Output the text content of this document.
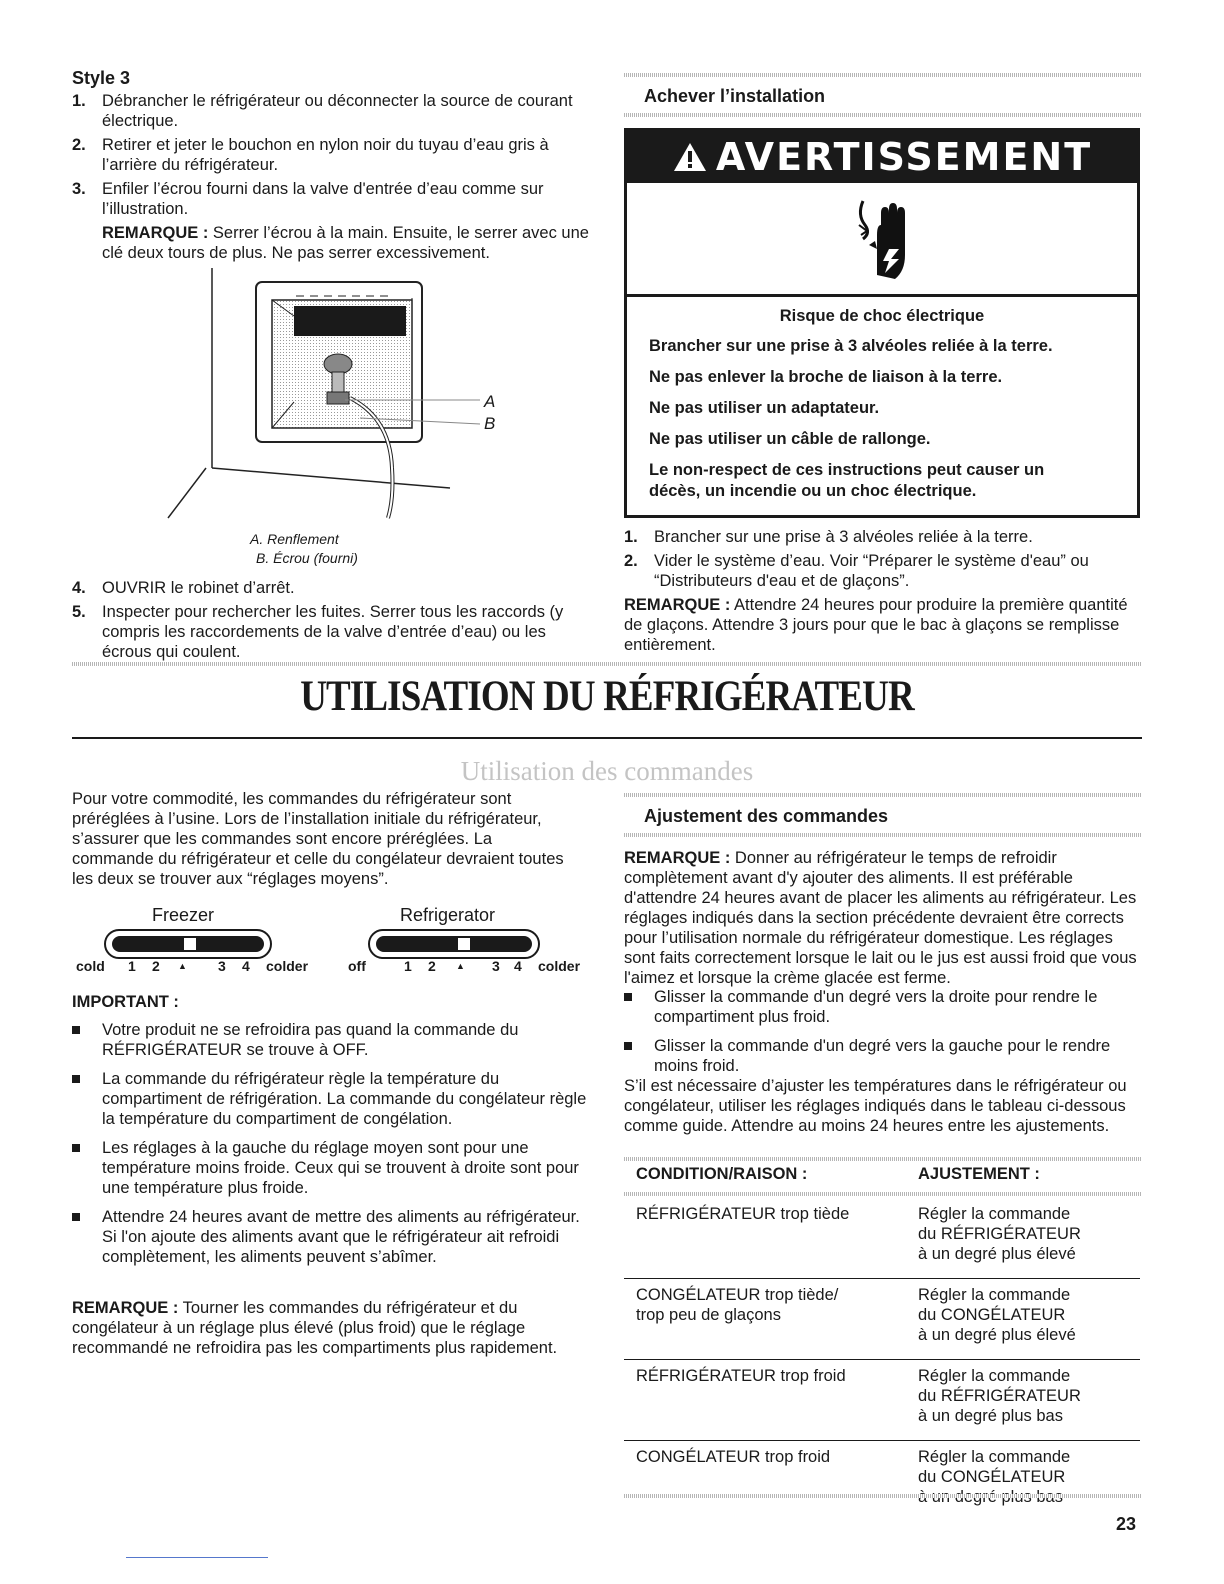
Style 3
1. Débrancher le réfrigérateur ou déconnecter la source de courant électrique.
2. Retirer et jeter le bouchon en nylon noir du tuyau d’eau gris à l’arrière du réfrigérateur.
3. Enfiler l’écrou fourni dans la valve d'entrée d’eau comme sur l’illustration.

REMARQUE : Serrer l’écrou à la main. Ensuite, le serrer avec une clé deux tours de plus. Ne pas serrer excessivement.

A
B
A. Renflement
B. Écrou (fourni)
4. OUVRIR le robinet d’arrêt.
5. Inspecter pour rechercher les fuites. Serrer tous les raccords (y compris les raccordements de la valve d’entrée d’eau) ou les écrous qui coulent.
Achever l’installation
AVERTISSEMENT
Risque de choc électrique

Brancher sur une prise à 3 alvéoles reliée à la terre.

Ne pas enlever la broche de liaison à la terre.

Ne pas utiliser un adaptateur.

Ne pas utiliser un câble de rallonge.

Le non-respect de ces instructions peut causer un décès, un incendie ou un choc électrique.

1. Brancher sur une prise à 3 alvéoles reliée à la terre.
2. Vider le système d’eau. Voir “Préparer le système d'eau” ou “Distributeurs d'eau et de glaçons”.

REMARQUE : Attendre 24 heures pour produire la première quantité de glaçons. Attendre 3 jours pour que le bac à glaçons se remplisse entièrement.

UTILISATION DU RÉFRIGÉRATEUR
Utilisation des commandes
Pour votre commodité, les commandes du réfrigérateur sont préréglées à l’usine. Lors de l’installation initiale du réfrigérateur, s’assurer que les commandes sont encore préréglées. La commande du réfrigérateur et celle du congélateur devraient toutes les deux se trouver aux “réglages moyens”.
Freezer	Refrigerator
cold 1 2 ▲ 3 4 colder	off	1 2 ▲ 3 4 colder
IMPORTANT :
Votre produit ne se refroidira pas quand la commande du RÉFRIGÉRATEUR se trouve à OFF.
La commande du réfrigérateur règle la température du compartiment de réfrigération. La commande du congélateur règle la température du compartiment de congélation.
Les réglages à la gauche du réglage moyen sont pour une température moins froide. Ceux qui se trouvent à droite sont pour une température plus froide.
Attendre 24 heures avant de mettre des aliments au réfrigérateur. Si l'on ajoute des aliments avant que le réfrigérateur ait refroidi complètement, les aliments peuvent s’abîmer.

REMARQUE : Tourner les commandes du réfrigérateur et du congélateur à un réglage plus élevé (plus froid) que le réglage recommandé ne refroidira pas les compartiments plus rapidement.

Ajustement des commandes

REMARQUE : Donner au réfrigérateur le temps de refroidir complètement avant d'y ajouter des aliments. Il est préférable d'attendre 24 heures avant de placer les aliments au réfrigérateur. Les réglages indiqués dans la section précédente devraient être corrects pour l’utilisation normale du réfrigérateur domestique. Les réglages sont faits correctement lorsque le lait ou le jus est aussi froid que vous l'aimez et lorsque la crème glacée est ferme.

Glisser la commande d'un degré vers la droite pour rendre le compartiment plus froid.
Glisser la commande d'un degré vers la gauche pour le rendre moins froid.

S’il est nécessaire d’ajuster les températures dans le réfrigérateur ou congélateur, utiliser les réglages indiqués dans le tableau ci-dessous comme guide. Attendre au moins 24 heures entre les ajustements.

CONDITION/RAISON :	AJUSTEMENT :
RÉFRIGÉRATEUR trop tiède	Régler la commande
du RÉFRIGÉRATEUR
à un degré plus élevé

CONGÉLATEUR trop tiède/ trop peu de glaçons	Régler la commande
du CONGÉLATEUR
à un degré plus élevé

RÉFRIGÉRATEUR trop froid	Régler la commande
du RÉFRIGÉRATEUR
à un degré plus bas

CONGÉLATEUR trop froid	Régler la commande
du CONGÉLATEUR
23
